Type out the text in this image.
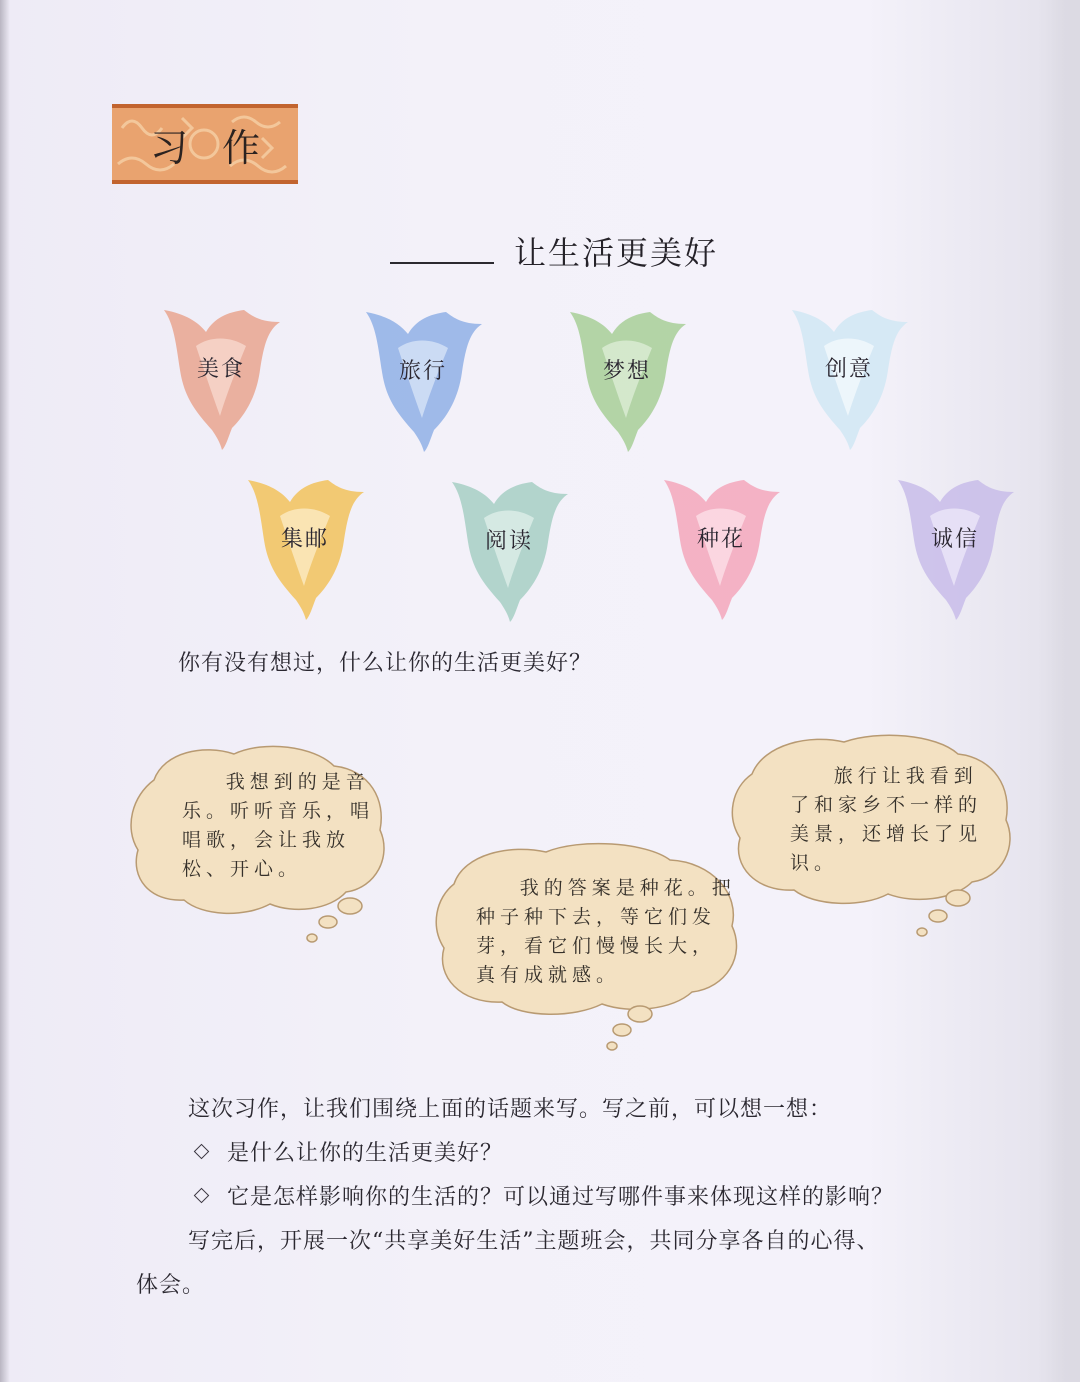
习作
让生活更美好
美食	旅行	梦想	创意
集邮	阅读	种花	诚信
你有没有想过，什么让你的生活更美好？
我想到的是音乐。听听音乐，唱唱歌，会让我放松、开心。
我的答案是种花。把种子种下去，等它们发芽，看它们慢慢长大，真有成就感。
旅行让我看到了和家乡不一样的美景，还增长了见识。
这次习作，让我们围绕上面的话题来写。写之前，可以想一想：
是什么让你的生活更美好？
它是怎样影响你的生活的？可以通过写哪件事来体现这样的影响？
写完后，开展一次“共享美好生活”主题班会，共同分享各自的心得、
体会。
